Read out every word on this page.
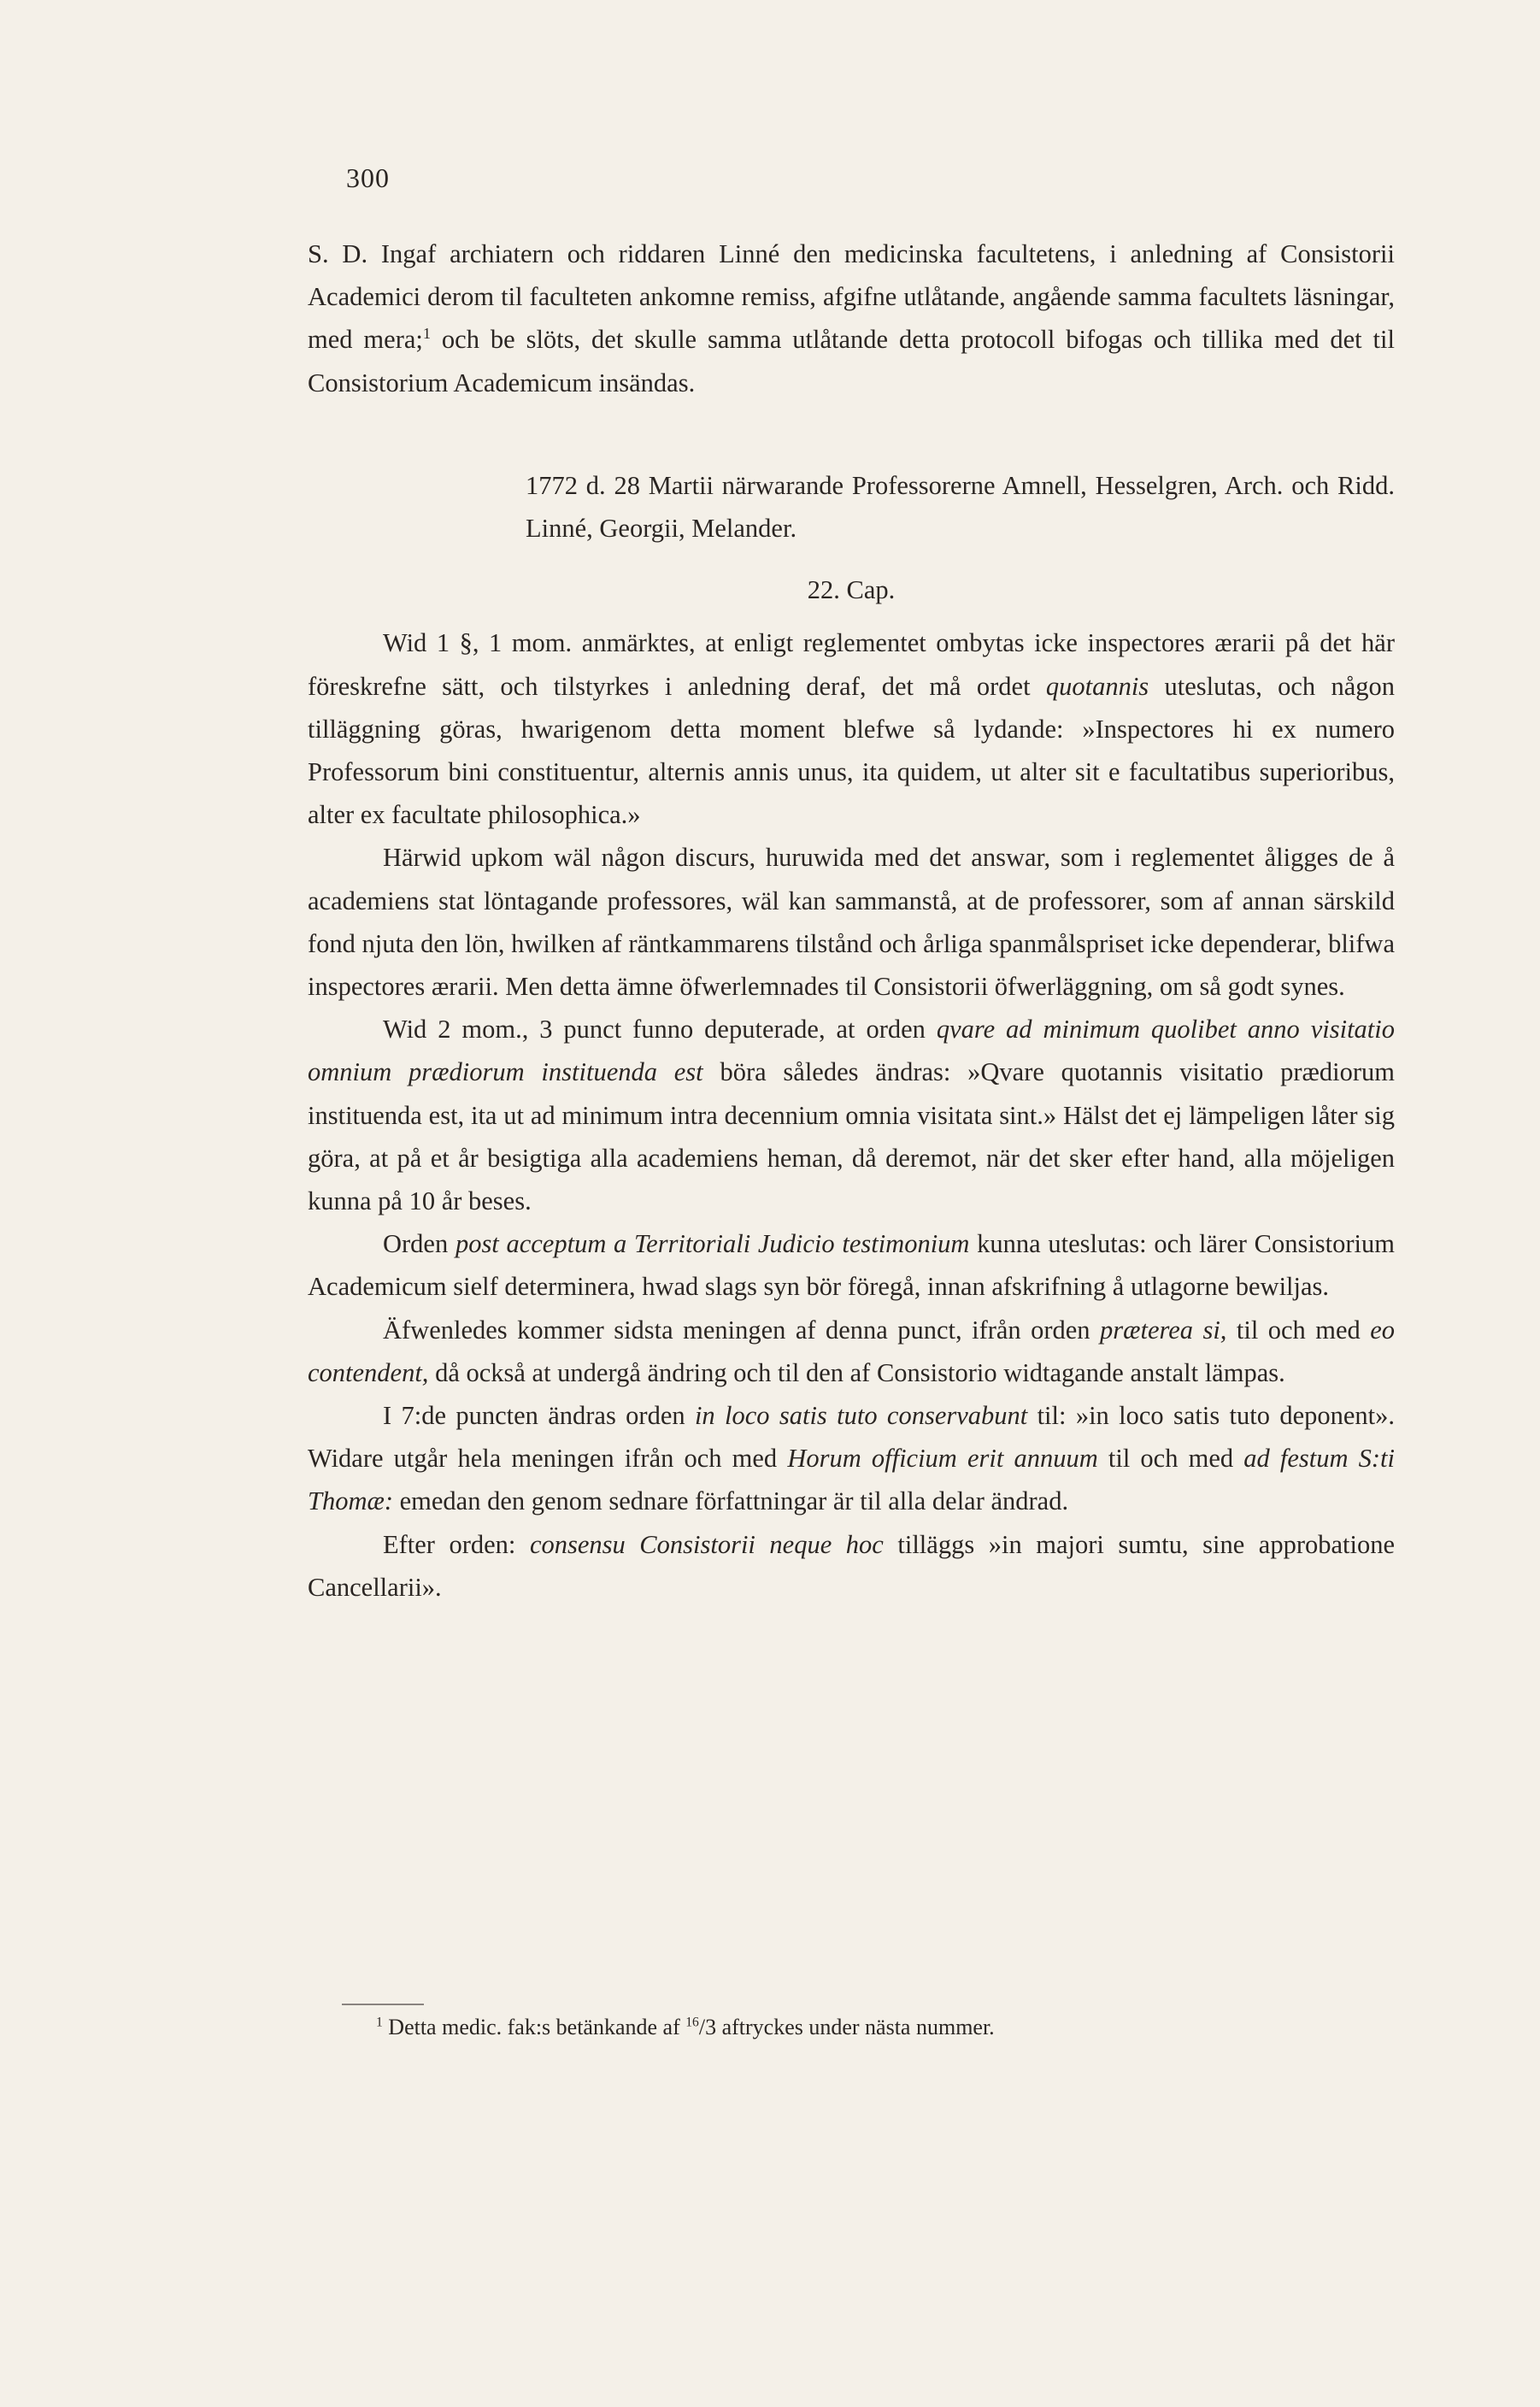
300

S. D. Ingaf archiatern och riddaren Linné den medicinska facultetens, i anledning af Consistorii Academici derom til faculteten ankomne remiss, afgifne utlåtande, angående samma facultets läsningar, med mera;$^1$ och be slöts, det skulle samma utlåtande detta protocoll bifogas och tillika med det til Consistorium Academicum insändas.

1772 d. 28 Martii närwarande Professorerne Amnell, Hesselgren, Arch. och Ridd. Linné, Georgii, Melander.

22. Cap.

Wid 1 §, 1 mom. anmärktes, at enligt reglementet ombytas icke inspectores ærarii på det här föreskrefne sätt, och tilstyrkes i anledning deraf, det må ordet quotannis uteslutas, och någon tilläggning göras, hwarigenom detta moment blefwe så lydande: »Inspectores hi ex numero Professorum bini constituentur, alternis annis unus, ita quidem, ut alter sit e facultatibus superioribus, alter ex facultate philosophica.»

Härwid upkom wäl någon discurs, huruwida med det answar, som i reglementet åligges de å academiens stat löntagande professores, wäl kan sammanstå, at de professorer, som af annan särskild fond njuta den lön, hwilken af räntkammarens tilstånd och årliga spanmålspriset icke dependerar, blifwa inspectores ærarii. Men detta ämne öfwerlemnades til Consistorii öfwerläggning, om så godt synes.

Wid 2 mom., 3 punct funno deputerade, at orden qvare ad minimum quolibet anno visitatio omnium prædiorum instituenda est böra således ändras: »Qvare quotannis visitatio prædiorum instituenda est, ita ut ad minimum intra decennium omnia visitata sint.» Hälst det ej lämpeligen låter sig göra, at på et år besigtiga alla academiens heman, då deremot, när det sker efter hand, alla möjeligen kunna på 10 år beses.

Orden post acceptum a Territoriali Judicio testimonium kunna uteslutas: och lärer Consistorium Academicum sielf determinera, hwad slags syn bör föregå, innan afskrifning å utlagorne bewiljas.

Äfwenledes kommer sidsta meningen af denna punct, ifrån orden præterea si, til och med eo contendent, då också at undergå ändring och til den af Consistorio widtagande anstalt lämpas.

I 7:de puncten ändras orden in loco satis tuto conservabunt til: »in loco satis tuto deponent». Widare utgår hela meningen ifrån och med Horum officium erit annuum til och med ad festum S:ti Thomæ: emedan den genom sednare författningar är til alla delar ändrad.

Efter orden: consensu Consistorii neque hoc tilläggs »in majori sumtu, sine approbatione Cancellarii».

$^1$ Detta medic. fak:s betänkande af $^{16}$/3 aftryckes under nästa nummer.
